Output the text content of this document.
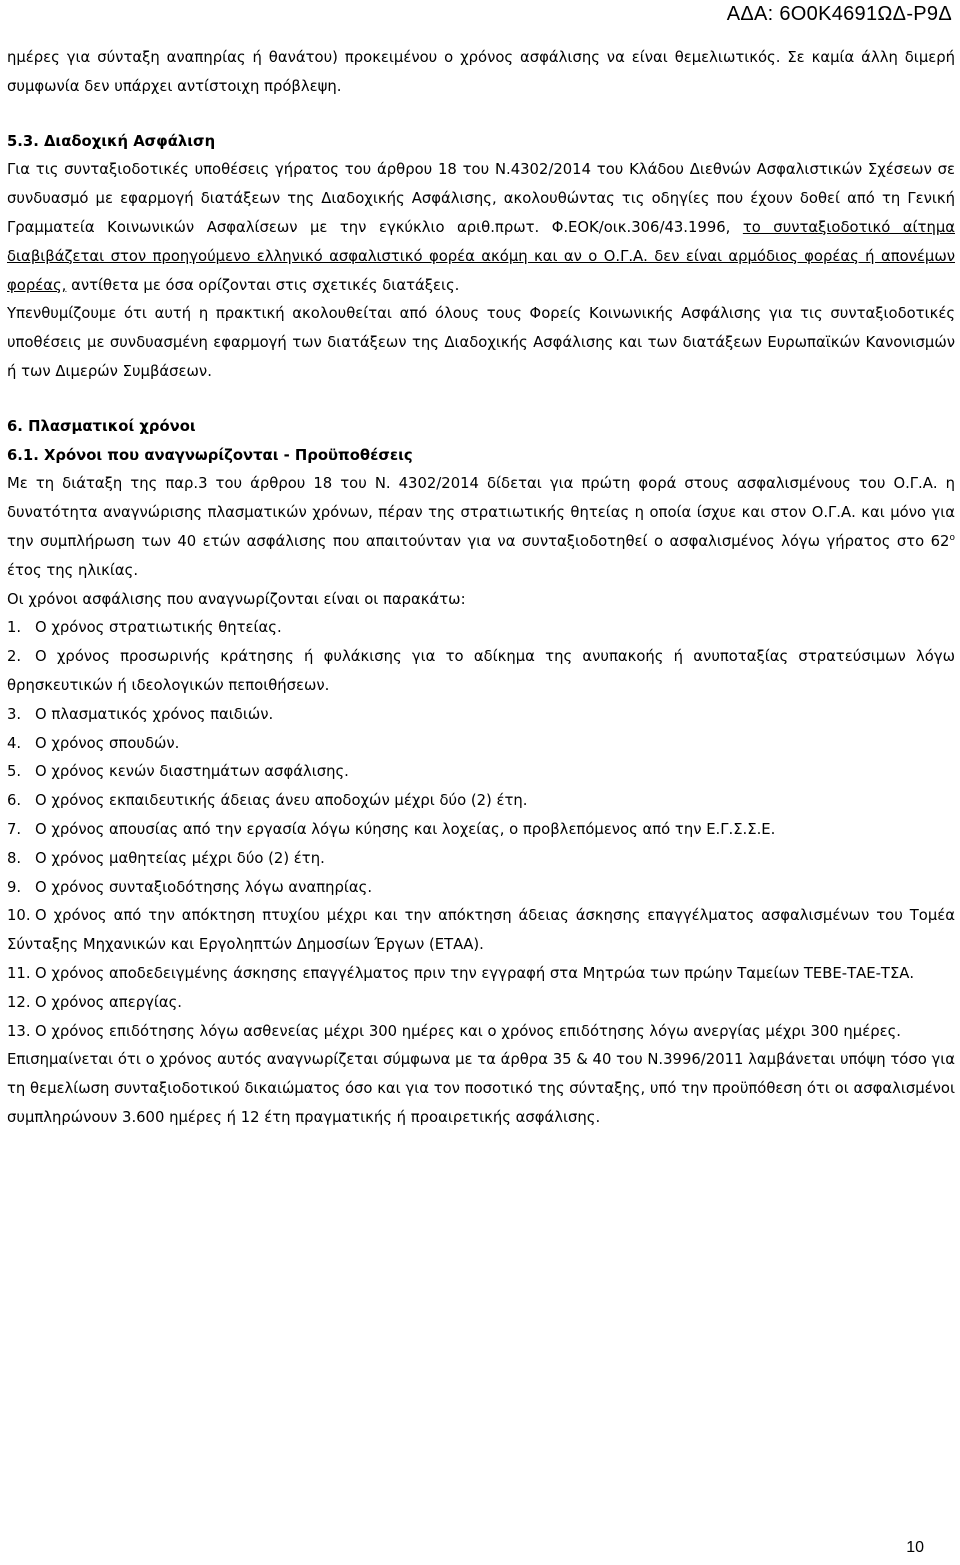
ΑΔΑ: 6Ο0Κ4691ΩΔ-Ρ9Δ

ημέρες για σύνταξη αναπηρίας ή θανάτου) προκειμένου ο χρόνος ασφάλισης να είναι θεμελιωτικός. Σε καμία άλλη διμερή συμφωνία δεν υπάρχει αντίστοιχη πρόβλεψη.

5.3. Διαδοχική Ασφάλιση

Για τις συνταξιοδοτικές υποθέσεις γήρατος του άρθρου 18 του Ν.4302/2014 του Κλάδου Διεθνών Ασφαλιστικών Σχέσεων σε συνδυασμό με εφαρμογή διατάξεων της Διαδοχικής Ασφάλισης, ακολουθώντας τις οδηγίες που έχουν δοθεί από τη Γενική Γραμματεία Κοινωνικών Ασφαλίσεων με την εγκύκλιο αριθ.πρωτ. Φ.ΕΟΚ/οικ.306/43.1996, το συνταξιοδοτικό αίτημα διαβιβάζεται στον προηγούμενο ελληνικό ασφαλιστικό φορέα ακόμη και αν ο Ο.Γ.Α. δεν είναι αρμόδιος φορέας ή απονέμων φορέας, αντίθετα με όσα ορίζονται στις σχετικές διατάξεις.

Υπενθυμίζουμε ότι αυτή η πρακτική ακολουθείται από όλους τους Φορείς Κοινωνικής Ασφάλισης για τις συνταξιοδοτικές υποθέσεις με συνδυασμένη εφαρμογή των διατάξεων της Διαδοχικής Ασφάλισης και των διατάξεων Ευρωπαϊκών Κανονισμών ή των Διμερών Συμβάσεων.

6. Πλασματικοί χρόνοι

6.1. Χρόνοι που αναγνωρίζονται - Προϋποθέσεις

Με τη διάταξη της παρ.3 του άρθρου 18 του Ν. 4302/2014 δίδεται για πρώτη φορά στους ασφαλισμένους του Ο.Γ.Α. η δυνατότητα αναγνώρισης πλασματικών χρόνων, πέραν της στρατιωτικής θητείας η οποία ίσχυε και στον Ο.Γ.Α. και μόνο για την συμπλήρωση των 40 ετών ασφάλισης που απαιτούνταν για να συνταξιοδοτηθεί ο ασφαλισμένος λόγω γήρατος στο $62^o$ έτος της ηλικίας.

Οι χρόνοι ασφάλισης που αναγνωρίζονται είναι οι παρακάτω:

1. Ο χρόνος στρατιωτικής θητείας.

2. Ο χρόνος προσωρινής κράτησης ή φυλάκισης για το αδίκημα της ανυπακοής ή ανυποταξίας στρατεύσιμων λόγω θρησκευτικών ή ιδεολογικών πεποιθήσεων.

3. Ο πλασματικός χρόνος παιδιών.

4. Ο χρόνος σπουδών.

5. Ο χρόνος κενών διαστημάτων ασφάλισης.

6. Ο χρόνος εκπαιδευτικής άδειας άνευ αποδοχών μέχρι δύο (2) έτη.

7. Ο χρόνος απουσίας από την εργασία λόγω κύησης και λοχείας, ο προβλεπόμενος από την Ε.Γ.Σ.Σ.Ε.

8. Ο χρόνος μαθητείας μέχρι δύο (2) έτη.

9. Ο χρόνος συνταξιοδότησης λόγω αναπηρίας.

10. Ο χρόνος από την απόκτηση πτυχίου μέχρι και την απόκτηση άδειας άσκησης επαγγέλματος ασφαλισμένων του Τομέα Σύνταξης Μηχανικών και Εργοληπτών Δημοσίων Έργων (ΕΤΑΑ).

11. Ο χρόνος αποδεδειγμένης άσκησης επαγγέλματος πριν την εγγραφή στα Μητρώα των πρώην Ταμείων ΤΕΒΕ-ΤΑΕ-ΤΣΑ.

12. Ο χρόνος απεργίας.

13. Ο χρόνος επιδότησης λόγω ασθενείας μέχρι 300 ημέρες και ο χρόνος επιδότησης λόγω ανεργίας μέχρι 300 ημέρες.

Επισημαίνεται ότι ο χρόνος αυτός αναγνωρίζεται σύμφωνα με τα άρθρα 35 & 40 του Ν.3996/2011 λαμβάνεται υπόψη τόσο για τη θεμελίωση συνταξιοδοτικού δικαιώματος όσο και για τον ποσοτικό της σύνταξης, υπό την προϋπόθεση ότι οι ασφαλισμένοι συμπληρώνουν 3.600 ημέρες ή 12 έτη πραγματικής ή προαιρετικής ασφάλισης.

10
